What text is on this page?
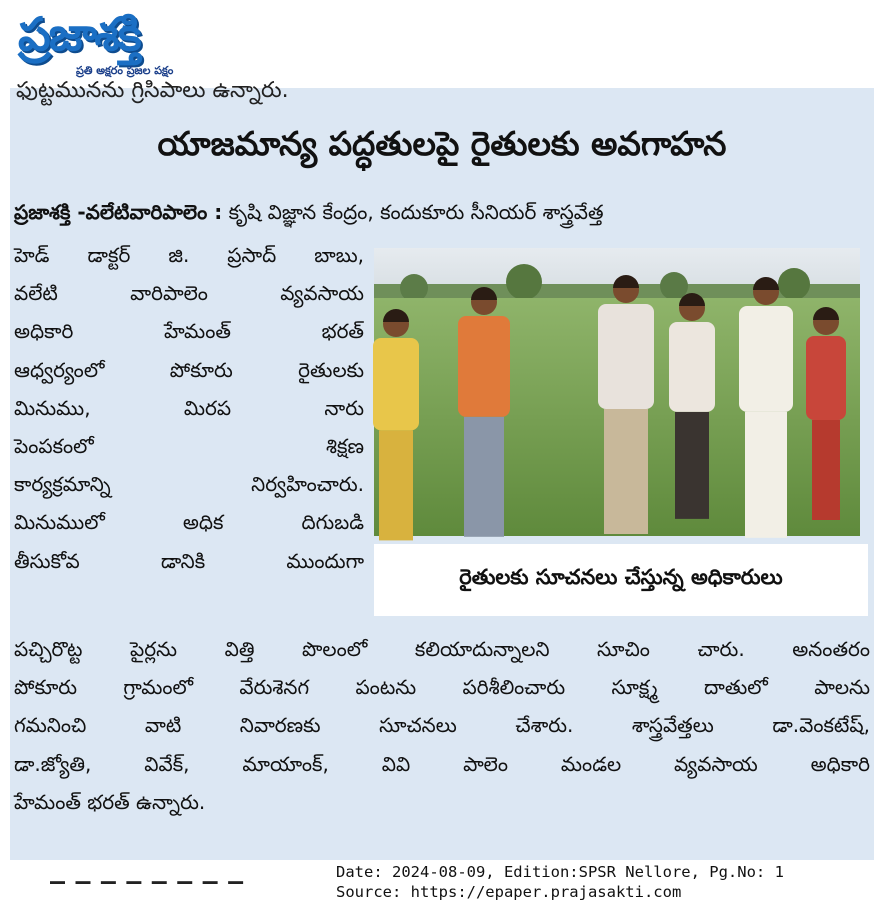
ప్రజాశక్తి
ప్రతి అక్షరం ప్రజల పక్షం
ఫుట్టమునను గ్రిసిపాలు ఉన్నారు.
యాజమాన్య పద్ధతులపై రైతులకు అవగాహన
ప్రజాశక్తి -వలేటివారిపాలెం : కృషి విజ్ఞాన కేంద్రం, కందుకూరు సీనియర్ శాస్త్రవేత్త
హెడ్ డాక్టర్ జి. ప్రసాద్ బాబు,
వలేటి వారిపాలెం వ్యవసాయ
అధికారి హేమంత్ భరత్
ఆధ్వర్యంలో పోకూరు రైతులకు
మినుము, మిరప నారు
పెంపకంలో శిక్షణ
కార్యక్రమాన్ని నిర్వహించారు.
మినుములో అధిక దిగుబడి
తీసుకోవ డానికి ముందుగా
రైతులకు సూచనలు చేస్తున్న అధికారులు
పచ్చిరొట్ట పైర్లను విత్తి పొలంలో కలియాదున్నాలని సూచిం చారు. అనంతరం
పోకూరు గ్రామంలో వేరుశెనగ పంటను పరిశీలించారు సూక్ష్మ దాతులో పాలను
గమనించి వాటి నివారణకు సూచనలు చేశారు. శాస్త్రవేత్తలు డా.వెంకటేష్,
డా.జ్యోతి, వివేక్, మాయాంక్, వివి పాలెం మండల వ్యవసాయ అధికారి
హేమంత్ భరత్ ఉన్నారు.
_ _ _ _ _ _ _ _	Date: 2024-08-09, Edition:SPSR Nellore, Pg.No: 1
Source: https://epaper.prajasakti.com
